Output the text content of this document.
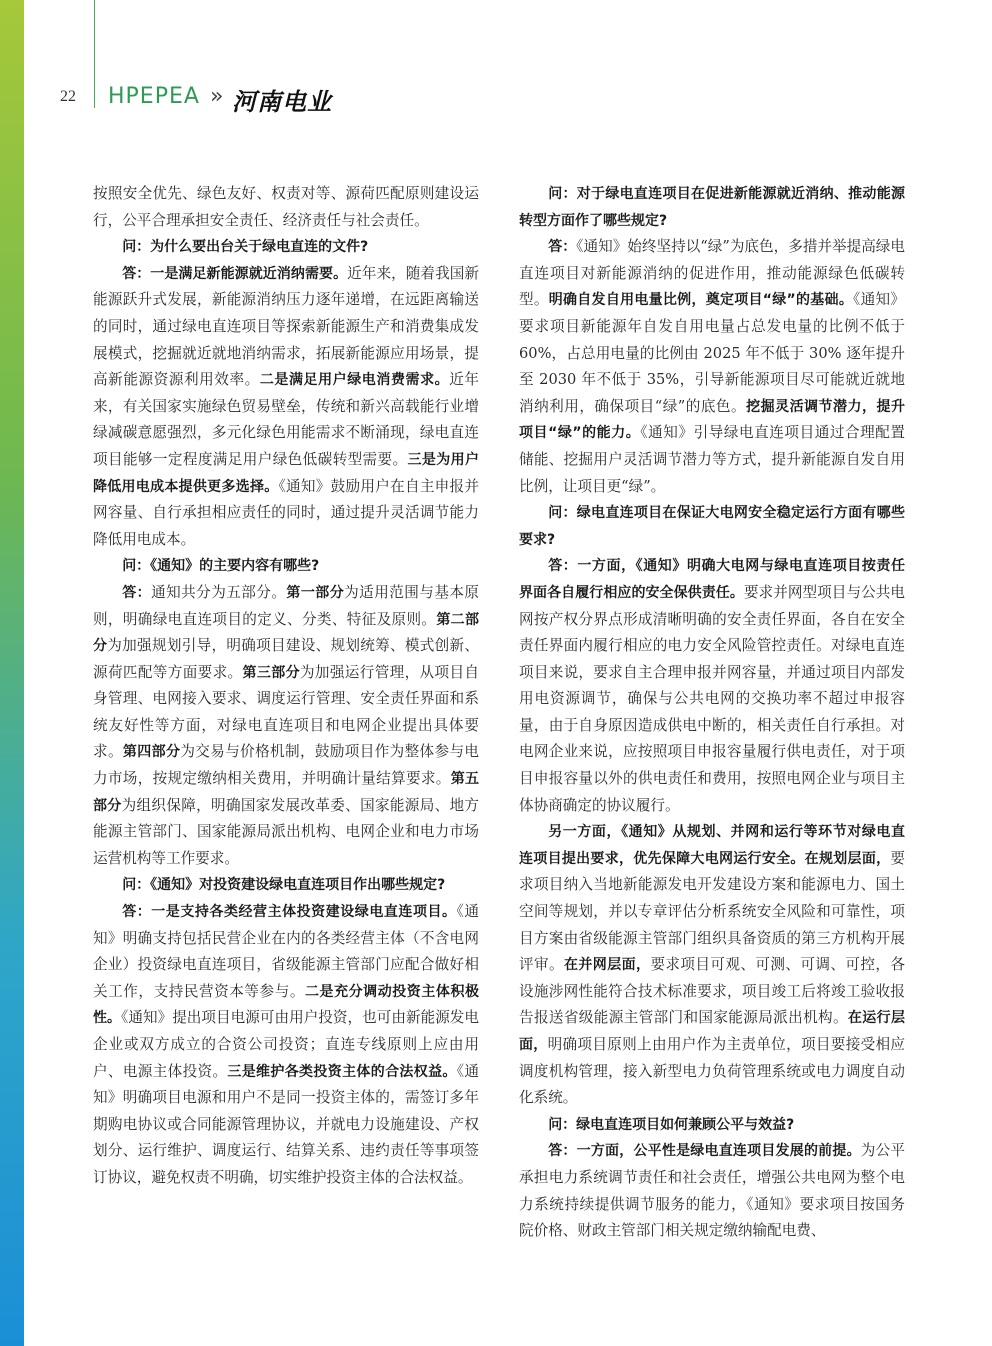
22 HPEPEA » 河南电业

按照安全优先、绿色友好、权责对等、源荷匹配原则建设运行，公平合理承担安全责任、经济责任与社会责任。

问：为什么要出台关于绿电直连的文件?

答：一是满足新能源就近消纳需要。近年来，随着我国新能源跃升式发展，新能源消纳压力逐年递增，在远距离输送的同时，通过绿电直连项目等探索新能源生产和消费集成发展模式，挖掘就近就地消纳需求，拓展新能源应用场景，提高新能源资源利用效率。二是满足用户绿电消费需求。近年来，有关国家实施绿色贸易壁垒，传统和新兴高载能行业增绿减碳意愿强烈，多元化绿色用能需求不断涌现，绿电直连项目能够一定程度满足用户绿色低碳转型需要。三是为用户降低用电成本提供更多选择。《通知》鼓励用户在自主申报并网容量、自行承担相应责任的同时，通过提升灵活调节能力降低用电成本。

问：《通知》的主要内容有哪些?

答：通知共分为五部分。第一部分为适用范围与基本原则，明确绿电直连项目的定义、分类、特征及原则。第二部分为加强规划引导，明确项目建设、规划统筹、模式创新、源荷匹配等方面要求。第三部分为加强运行管理，从项目自身管理、电网接入要求、调度运行管理、安全责任界面和系统友好性等方面，对绿电直连项目和电网企业提出具体要求。第四部分为交易与价格机制，鼓励项目作为整体参与电力市场，按规定缴纳相关费用，并明确计量结算要求。第五部分为组织保障，明确国家发展改革委、国家能源局、地方能源主管部门、国家能源局派出机构、电网企业和电力市场运营机构等工作要求。

问：《通知》对投资建设绿电直连项目作出哪些规定?

答：一是支持各类经营主体投资建设绿电直连项目。《通知》明确支持包括民营企业在内的各类经营主体（不含电网企业）投资绿电直连项目，省级能源主管部门应配合做好相关工作，支持民营资本等参与。二是充分调动投资主体积极性。《通知》提出项目电源可由用户投资，也可由新能源发电企业或双方成立的合资公司投资；直连专线原则上应由用户、电源主体投资。三是维护各类投资主体的合法权益。《通知》明确项目电源和用户不是同一投资主体的，需签订多年期购电协议或合同能源管理协议，并就电力设施建设、产权划分、运行维护、调度运行、结算关系、违约责任等事项签订协议，避免权责不明确，切实维护投资主体的合法权益。

问：对于绿电直连项目在促进新能源就近消纳、推动能源转型方面作了哪些规定?

答：《通知》始终坚持以“绿”为底色，多措并举提高绿电直连项目对新能源消纳的促进作用，推动能源绿色低碳转型。明确自发自用电量比例，奠定项目“绿”的基础。《通知》要求项目新能源年自发自用电量占总发电量的比例不低于 60%，占总用电量的比例由 2025 年不低于 30% 逐年提升至 2030 年不低于 35%，引导新能源项目尽可能就近就地消纳利用，确保项目“绿”的底色。挖掘灵活调节潜力，提升项目“绿”的能力。《通知》引导绿电直连项目通过合理配置储能、挖掘用户灵活调节潜力等方式，提升新能源自发自用比例，让项目更“绿”。

问：绿电直连项目在保证大电网安全稳定运行方面有哪些要求?

答：一方面，《通知》明确大电网与绿电直连项目按责任界面各自履行相应的安全保供责任。要求并网型项目与公共电网按产权分界点形成清晰明确的安全责任界面，各自在安全责任界面内履行相应的电力安全风险管控责任。对绿电直连项目来说，要求自主合理申报并网容量，并通过项目内部发用电资源调节，确保与公共电网的交换功率不超过申报容量，由于自身原因造成供电中断的，相关责任自行承担。对电网企业来说，应按照项目申报容量履行供电责任，对于项目申报容量以外的供电责任和费用，按照电网企业与项目主体协商确定的协议履行。

另一方面，《通知》从规划、并网和运行等环节对绿电直连项目提出要求，优先保障大电网运行安全。在规划层面，要求项目纳入当地新能源发电开发建设方案和能源电力、国土空间等规划，并以专章评估分析系统安全风险和可靠性，项目方案由省级能源主管部门组织具备资质的第三方机构开展评审。在并网层面，要求项目可观、可测、可调、可控，各设施涉网性能符合技术标准要求，项目竣工后将竣工验收报告报送省级能源主管部门和国家能源局派出机构。在运行层面，明确项目原则上由用户作为主责单位，项目要接受相应调度机构管理，接入新型电力负荷管理系统或电力调度自动化系统。

问：绿电直连项目如何兼顾公平与效益?

答：一方面，公平性是绿电直连项目发展的前提。为公平承担电力系统调节责任和社会责任，增强公共电网为整个电力系统持续提供调节服务的能力，《通知》要求项目按国务院价格、财政主管部门相关规定缴纳输配电费、
